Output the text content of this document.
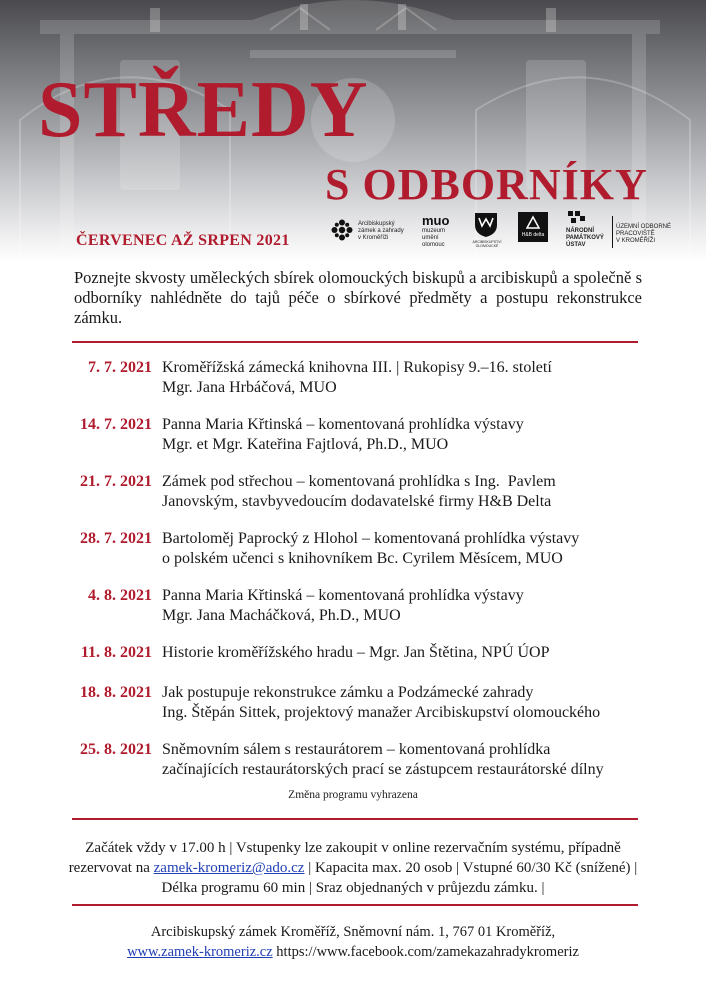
STŘEDY
S ODBORNÍKY
ČERVENEC AŽ SRPEN 2021
Arcibiskupský
zámek a zahrady
v Kroměříži
muo
muzeum
umění
olomouc	ARCIBISKUPSTVÍ
OLOMOUCKÉ
H&B delta
NÁRODNÍ
PAMÁTKOVÝ
ÚSTAV
ÚZEMNÍ ODBORNÉ
PRACOVIŠTĚ
V KROMĚŘÍŽI

Poznejte skvosty uměleckých sbírek olomouckých biskupů a arcibiskupů a společně s odborníky nahlédněte do tajů péče o sbírkové předměty a postupu rekonstrukce zámku.

7. 7. 2021 Kroměřížská zámecká knihovna III. | Rukopisy 9.–16. století
Mgr. Jana Hrbáčová, MUO
14. 7. 2021 Panna Maria Křtinská – komentovaná prohlídka výstavy
Mgr. et Mgr. Kateřina Fajtlová, Ph.D., MUO
21. 7. 2021 Zámek pod střechou – komentovaná prohlídka s Ing.  Pavlem
Janovským, stavbyvedoucím dodavatelské firmy H&B Delta
28. 7. 2021 Bartoloměj Paprocký z Hlohol – komentovaná prohlídka výstavy
o polském učenci s knihovníkem Bc. Cyrilem Měsícem, MUO
4. 8. 2021 Panna Maria Křtinská – komentovaná prohlídka výstavy
Mgr. Jana Macháčková, Ph.D., MUO
11. 8. 2021 Historie kroměřížského hradu – Mgr. Jan Štětina, NPÚ ÚOP
18. 8. 2021 Jak postupuje rekonstrukce zámku a Podzámecké zahrady
Ing. Štěpán Sittek, projektový manažer Arcibiskupství olomouckého
25. 8. 2021 Sněmovním sálem s restaurátorem – komentovaná prohlídka
začínajících restaurátorských prací se zástupcem restaurátorské dílny
Změna programu vyhrazena
Začátek vždy v 17.00 h | Vstupenky lze zakoupit v online rezervačním systému, případně rezervovat na zamek-kromeriz@ado.cz | Kapacita max. 20 osob | Vstupné 60/30 Kč (snížené) | Délka programu 60 min | Sraz objednaných v průjezdu zámku. |
Arcibiskupský zámek Kroměříž, Sněmovní nám. 1, 767 01 Kroměříž,
www.zamek-kromeriz.cz https://www.facebook.com/zamekazahradykromeriz
